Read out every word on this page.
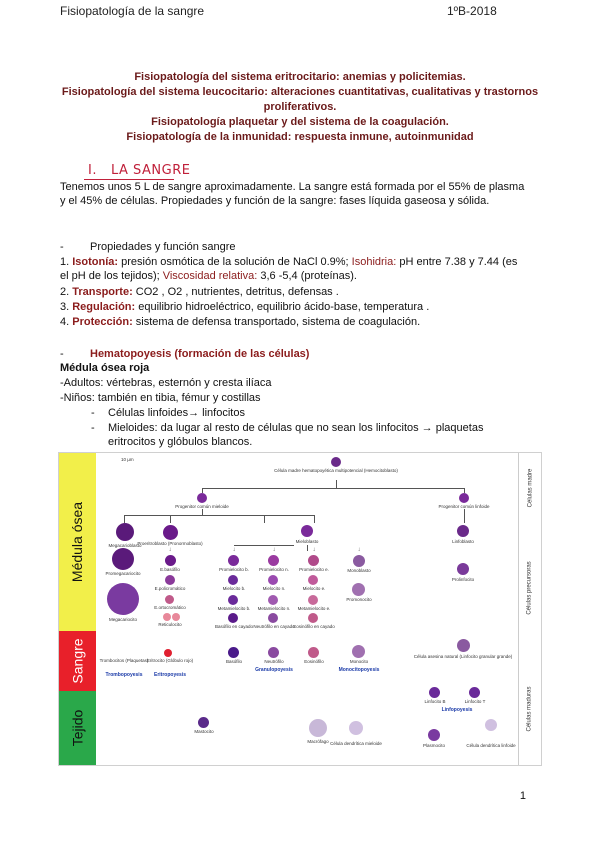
Fisiopatología de la sangre	1ºB-2018
Fisiopatología del sistema eritrocitario: anemias y policitemias.
Fisiopatología del sistema leucocitario: alteraciones cuantitativas, cualitativas y trastornos proliferativos.
Fisiopatología plaquetar y del sistema de la coagulación.
Fisiopatología de la inmunidad: respuesta inmune, autoinmunidad
I. LA SANGRE
Tenemos unos 5 L de sangre aproximadamente. La sangre está formada por el 55% de plasma y el 45% de células. Propiedades y función de la sangre: fases líquida gaseosa y sólida.
- Propiedades y función sangre
1. Isotonía: presión osmótica de la solución de NaCl 0.9%; Isohidria: pH entre 7.38 y 7.44 (es el pH de los tejidos); Viscosidad relativa: 3,6 -5,4 (proteínas).
2. Transporte: CO2 , O2 , nutrientes, detritus, defensas .
3. Regulación: equilibrio hidroeléctrico, equilibrio ácido-base, temperatura .
4. Protección: sistema de defensa transportado, sistema de coagulación.
- Hematopoyesis (formación de las células)
Médula ósea roja
-Adultos: vértebras, esternón y cresta ilíaca
-Niños: también en tibia, fémur y costillas
- Células linfoides→ linfocitos
- Mieloides: da lugar al resto de células que no sean los linfocitos → plaquetas eritrocitos y glóbulos blancos.
Médula ósea
Sangre
Tejido
Células madre
Células precursoras
Células maduras
10 µm
Célula madre hematopoyética multipotencial (Hemocitoblasto)
Progenitor común mieloide	Progenitor común linfoide
Megacarioblasto
Proeritroblasto (Pronormoblasto)	Mieloblasto	Linfoblasto
Promegacariocito
Megacariocito
↓
E.basófilo
E.policromático
E.ortocromático
Reticulocito
↓	↓	↓
Promielocito b. Promielocito n. Promielocito e.
Mielocito b.	Mielocito n.	Mielocito e.
Metamielocito b. Metamielocito n. Metamielocito e.
Basófilo en cayado Neutrófilo en cayado
Eosinófilo en cayado
↓
Monoblasto
Promonocito
Prolinfocito
Trombocitos (Plaquetas)
Trombopoyesis
Eritrocito (Glóbulo rojo)
Eritropoyesis
Basófilo	Neutrófilo	Eosinófilo
Granulopoyesis
Monocito
Monocitopoyesis
Célula asesina natural (Linfocito granular grande)
Mastocito
Macrófago Célula dendrítica mieloide
Linfocito B	Linfocito T
Linfopoyesis
Plasmocito	Célula dendrítica linfoide
1
